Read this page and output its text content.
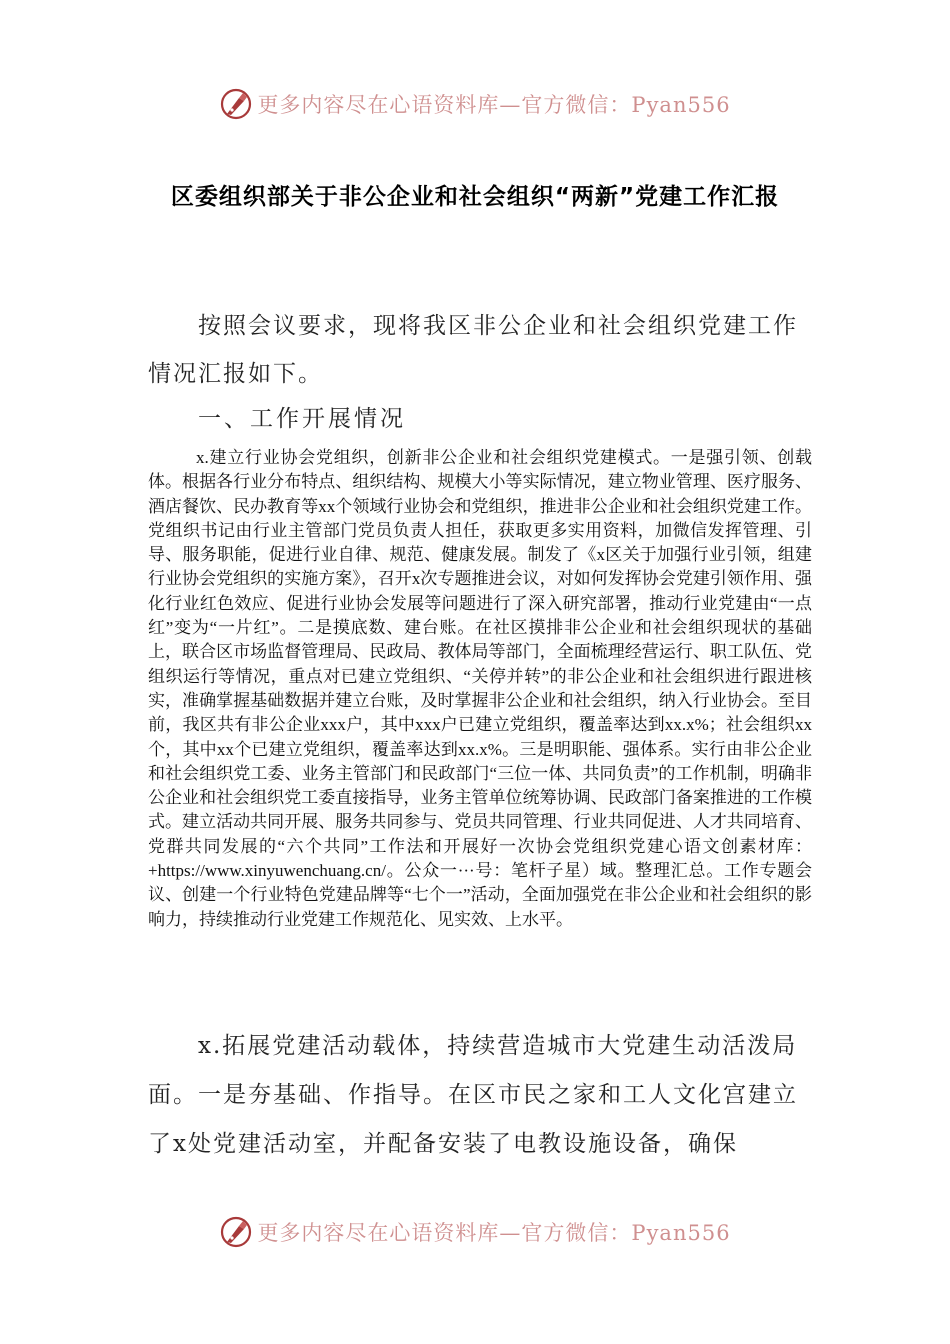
更多内容尽在心语资料库—官方微信：Pyan556
区委组织部关于非公企业和社会组织“两新”党建工作汇报
按照会议要求，现将我区非公企业和社会组织党建工作情况汇报如下。
一、工作开展情况
x.建立行业协会党组织，创新非公企业和社会组织党建模式。一是强引领、创载体。根据各行业分布特点、组织结构、规模大小等实际情况，建立物业管理、医疗服务、酒店餐饮、民办教育等xx个领域行业协会和党组织，推进非公企业和社会组织党建工作。党组织书记由行业主管部门党员负责人担任，获取更多实用资料，加微信发挥管理、引导、服务职能，促进行业自律、规范、健康发展。制发了《x区关于加强行业引领，组建行业协会党组织的实施方案》，召开x次专题推进会议，对如何发挥协会党建引领作用、强化行业红色效应、促进行业协会发展等问题进行了深入研究部署，推动行业党建由“一点红”变为“一片红”。二是摸底数、建台账。在社区摸排非公企业和社会组织现状的基础上，联合区市场监督管理局、民政局、教体局等部门，全面梳理经营运行、职工队伍、党组织运行等情况，重点对已建立党组织、“关停并转”的非公企业和社会组织进行跟进核实，准确掌握基础数据并建立台账，及时掌握非公企业和社会组织，纳入行业协会。至目前，我区共有非公企业xxx户，其中xxx户已建立党组织，覆盖率达到xx.x%；社会组织xx个，其中xx个已建立党组织，覆盖率达到xx.x%。三是明职能、强体系。实行由非公企业和社会组织党工委、业务主管部门和民政部门“三位一体、共同负责”的工作机制，明确非公企业和社会组织党工委直接指导，业务主管单位统筹协调、民政部门备案推进的工作模式。建立活动共同开展、服务共同参与、党员共同管理、行业共同促进、人才共同培育、党群共同发展的“六个共同”工作法和开展好一次协会党组织党建心语文创素材库：+https://www.xinyuwenchuang.cn/。公众一···号：笔杆子星）域。整理汇总。工作专题会议、创建一个行业特色党建品牌等“七个一”活动，全面加强党在非公企业和社会组织的影响力，持续推动行业党建工作规范化、见实效、上水平。
x.拓展党建活动载体，持续营造城市大党建生动活泼局面。一是夯基础、作指导。在区市民之家和工人文化宫建立了x处党建活动室，并配备安装了电教设施设备，确保
更多内容尽在心语资料库—官方微信：Pyan556
